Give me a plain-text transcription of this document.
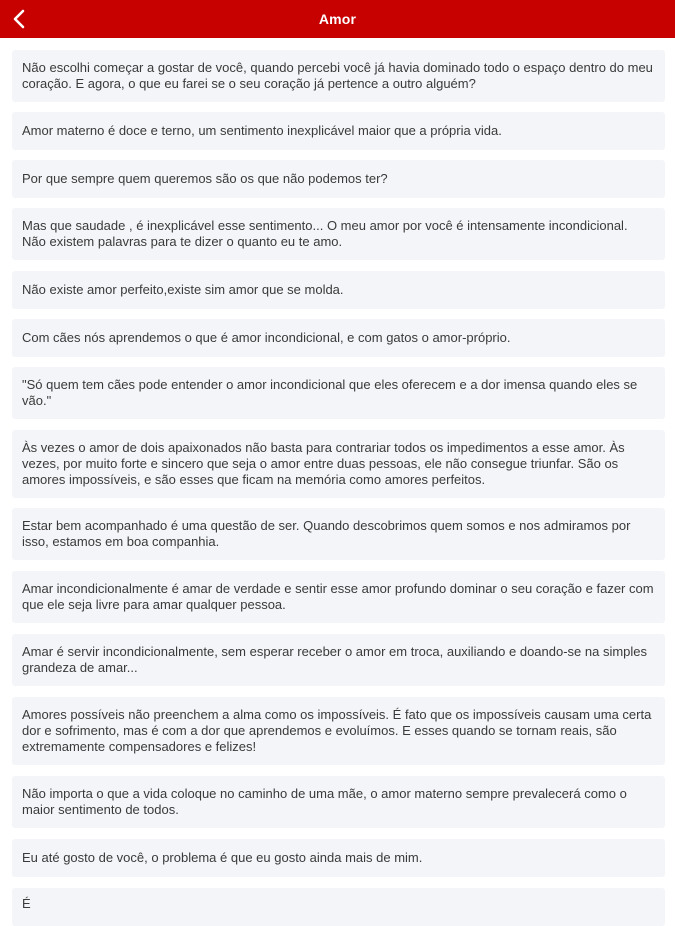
Amor
Não escolhi começar a gostar de você, quando percebi você já havia dominado todo o espaço dentro do meu coração. E agora, o que eu farei se o seu coração já pertence a outro alguém?
Amor materno é doce e terno, um sentimento inexplicável maior que a própria vida.
Por que sempre quem queremos são os que não podemos ter?
Mas que saudade , é inexplicável esse sentimento... O meu amor por você é intensamente incondicional. Não existem palavras para te dizer o quanto eu te amo.
Não existe amor perfeito,existe sim amor que se molda.
Com cães nós aprendemos o que é amor incondicional, e com gatos o amor-próprio.
"Só quem tem cães pode entender o amor incondicional que eles oferecem e a dor imensa quando eles se vão."
Às vezes o amor de dois apaixonados não basta para contrariar todos os impedimentos a esse amor. Às vezes, por muito forte e sincero que seja o amor entre duas pessoas, ele não consegue triunfar. São os amores impossíveis, e são esses que ficam na memória como amores perfeitos.
Estar bem acompanhado é uma questão de ser. Quando descobrimos quem somos e nos admiramos por isso, estamos em boa companhia.
Amar incondicionalmente é amar de verdade e sentir esse amor profundo dominar o seu coração e fazer com que ele seja livre para amar qualquer pessoa.
Amar é servir incondicionalmente, sem esperar receber o amor em troca, auxiliando e doando-se na simples grandeza de amar...
Amores possíveis não preenchem a alma como os impossíveis. É fato que os impossíveis causam uma certa dor e sofrimento, mas é com a dor que aprendemos e evoluímos. E esses quando se tornam reais, são extremamente compensadores e felizes!
Não importa o que a vida coloque no caminho de uma mãe, o amor materno sempre prevalecerá como o maior sentimento de todos.
Eu até gosto de você, o problema é que eu gosto ainda mais de mim.
É
